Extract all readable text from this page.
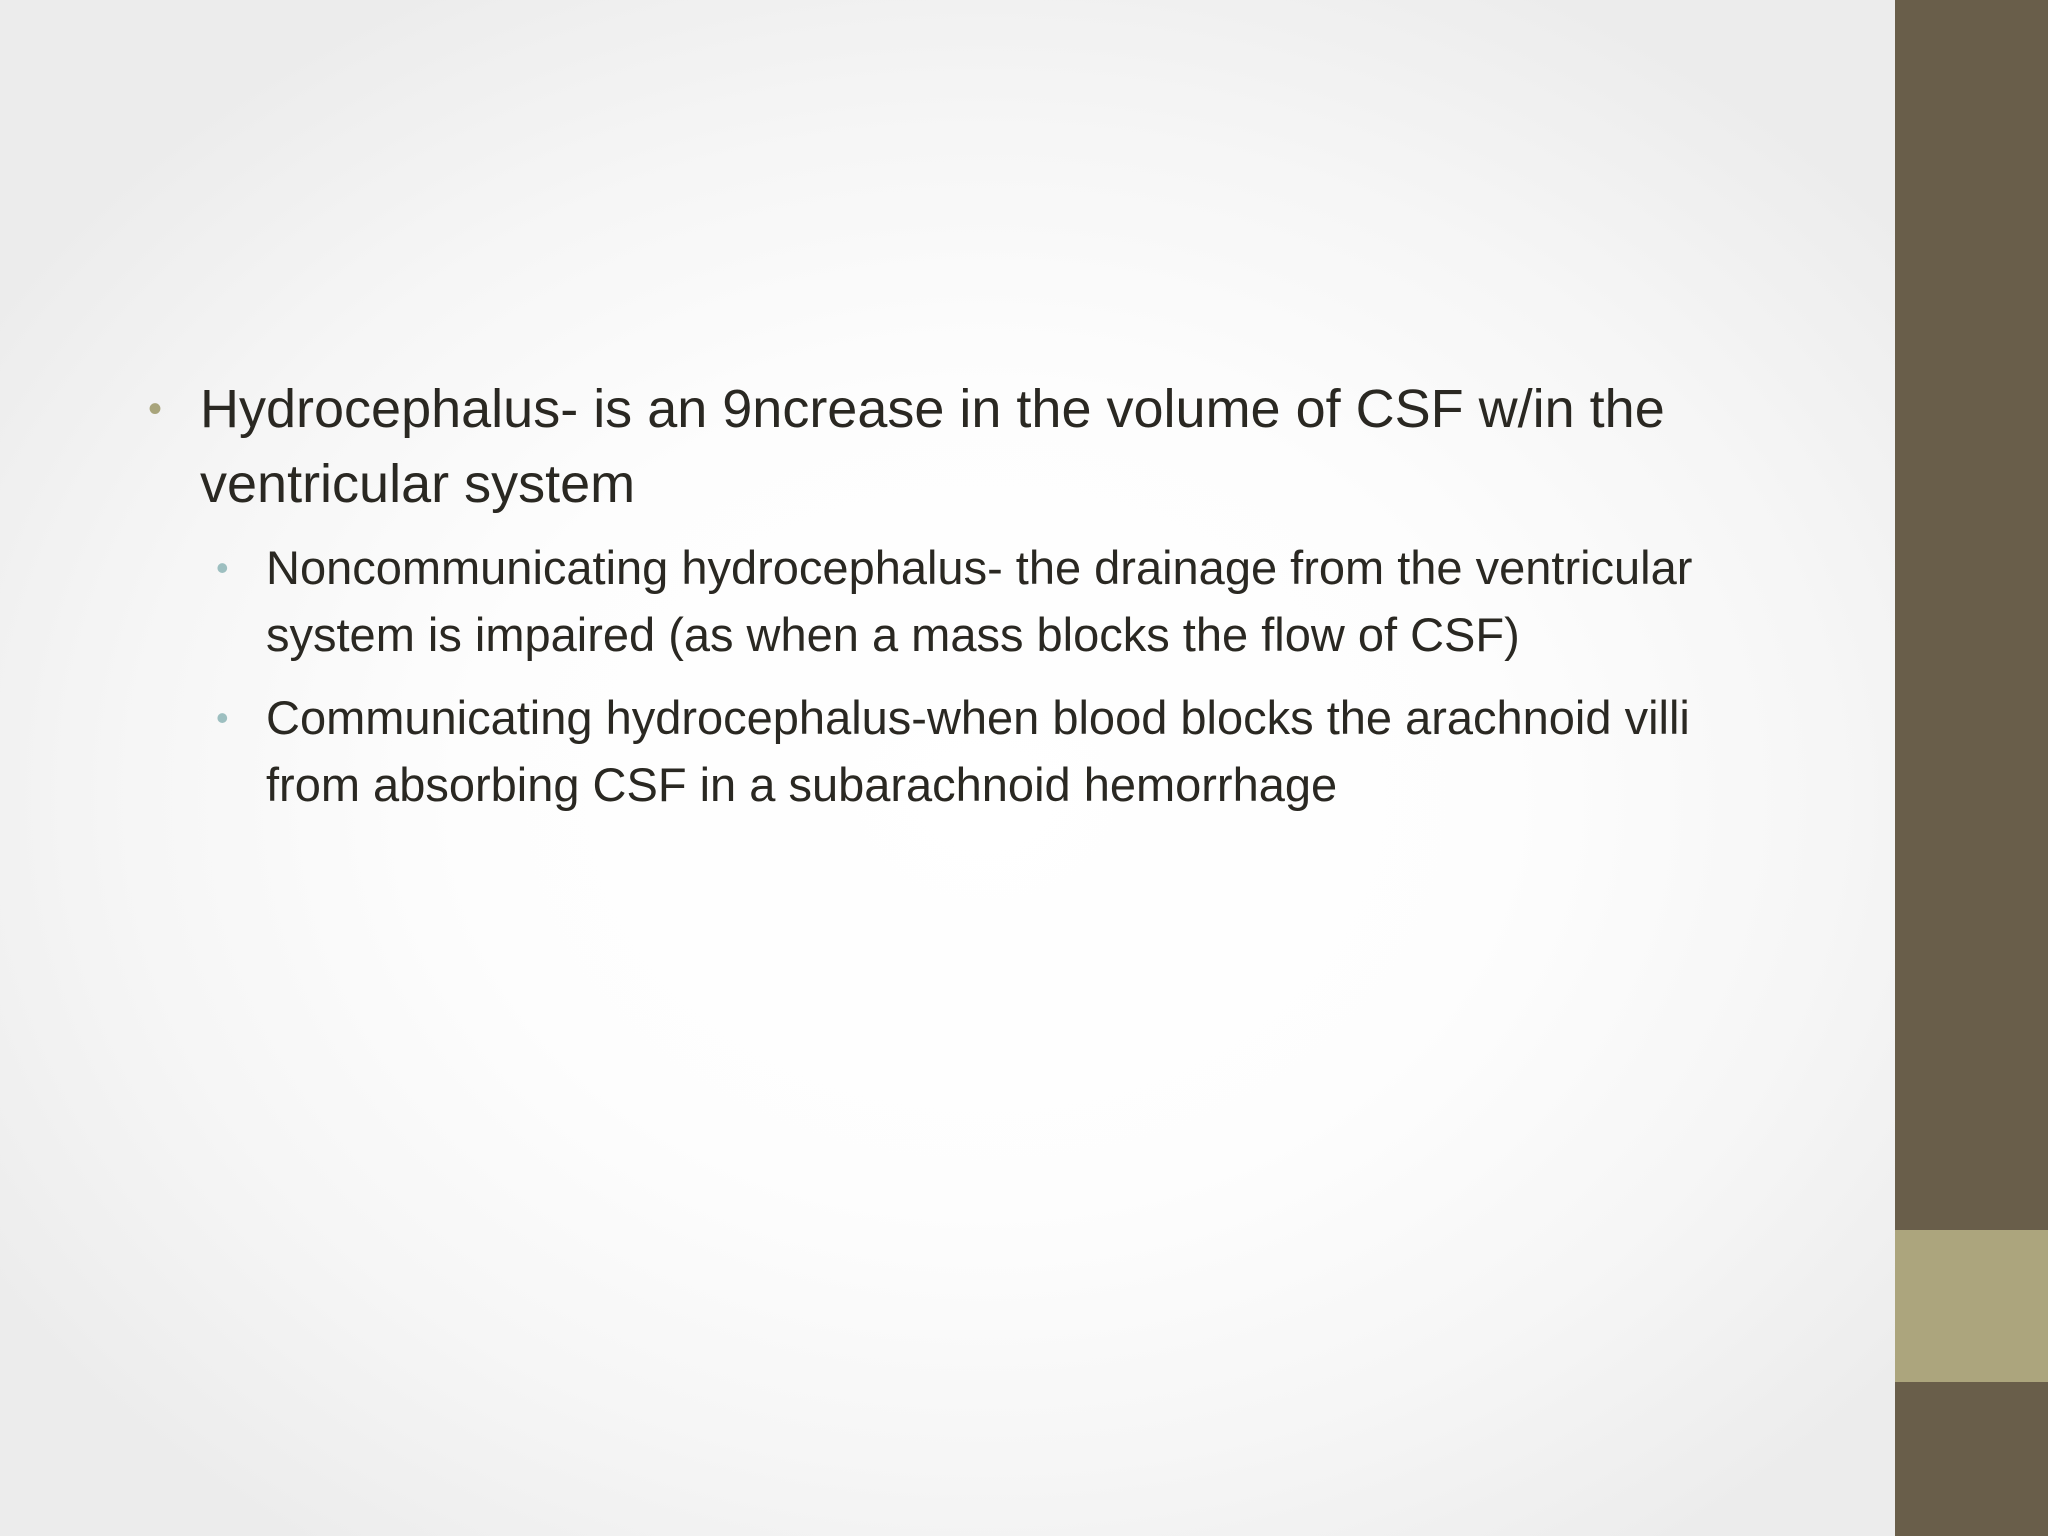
• Hydrocephalus- is an 9ncrease in the volume of CSF w/in the ventricular system
• Noncommunicating hydrocephalus- the drainage from the ventricular system is impaired (as when a mass blocks the flow of CSF)
• Communicating hydrocephalus-when blood blocks the arachnoid villi from absorbing CSF in a subarachnoid hemorrhage
